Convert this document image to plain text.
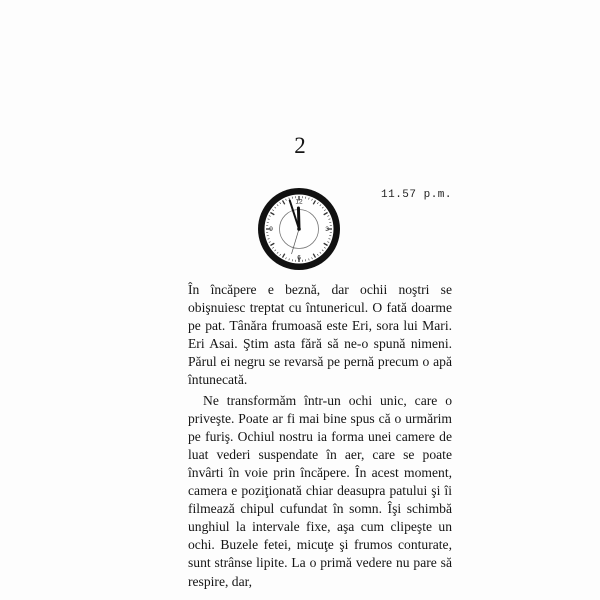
2
12
3
6
9
11.57 p.m.

În încăpere e beznă, dar ochii noştri se obişnuiesc treptat cu întunericul. O fată doarme pe pat. Tânăra frumoasă este Eri, sora lui Mari. Eri Asai. Ştim asta fără să ne-o spună nimeni. Părul ei negru se revarsă pe pernă precum o apă întunecată.

Ne transformăm într-un ochi unic, care o priveşte. Poate ar fi mai bine spus că o urmărim pe furiş. Ochiul nostru ia forma unei camere de luat vederi suspendate în aer, care se poate învârti în voie prin încăpere. În acest moment, camera e poziţionată chiar deasupra patului şi îi filmează chipul cufundat în somn. Îşi schimbă unghiul la intervale fixe, aşa cum clipeşte un ochi. Buzele fetei, micuţe şi frumos conturate, sunt strânse lipite. La o primă vedere nu pare să respire, dar,
